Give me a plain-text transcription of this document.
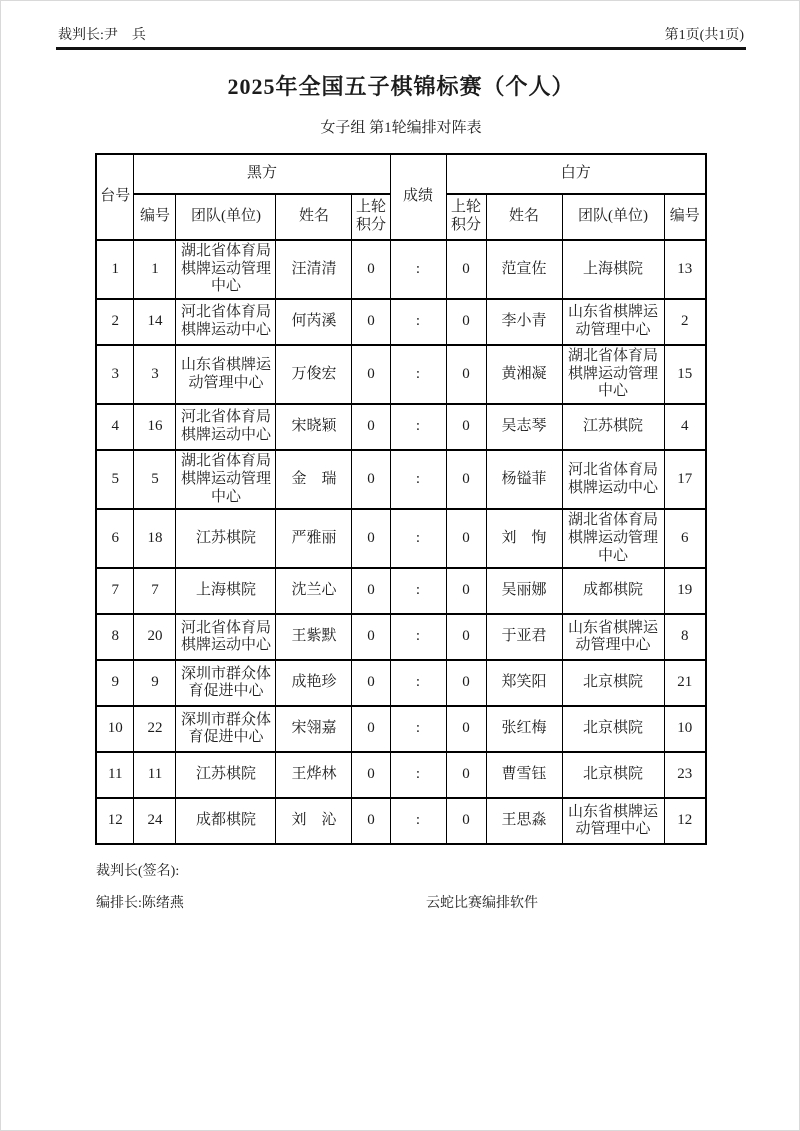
裁判长:尹　兵	第1页(共1页)
2025年全国五子棋锦标赛（个人）
女子组 第1轮编排对阵表
台号	黑方				成绩	白方			
	编号	团队(单位)	姓名	上轮积分		上轮积分	姓名	团队(单位)	编号
1	1	湖北省体育局棋牌运动管理中心	汪清清	0	:	0	范宣佐	上海棋院	13
2	14	河北省体育局棋牌运动中心	何芮溪	0	:	0	李小青	山东省棋牌运动管理中心	2
3	3	山东省棋牌运动管理中心	万俊宏	0	:	0	黄湘凝	湖北省体育局棋牌运动管理中心	15
4	16	河北省体育局棋牌运动中心	宋晓颖	0	:	0	吴志琴	江苏棋院	4
5	5	湖北省体育局棋牌运动管理中心	金　瑞	0	:	0	杨镒菲	河北省体育局棋牌运动中心	17
6	18	江苏棋院	严雅丽	0	:	0	刘　恂	湖北省体育局棋牌运动管理中心	6
7	7	上海棋院	沈兰心	0	:	0	吴丽娜	成都棋院	19
8	20	河北省体育局棋牌运动中心	王紫默	0	:	0	于亚君	山东省棋牌运动管理中心	8
9	9	深圳市群众体育促进中心	成艳珍	0	:	0	郑笑阳	北京棋院	21
10	22	深圳市群众体育促进中心	宋翎嘉	0	:	0	张红梅	北京棋院	10
11	11	江苏棋院	王烨林	0	:	0	曹雪钰	北京棋院	23
12	24	成都棋院	刘　沁	0	:	0	王思淼	山东省棋牌运动管理中心	12
裁判长(签名):
编排长:陈绪燕	云蛇比赛编排软件
